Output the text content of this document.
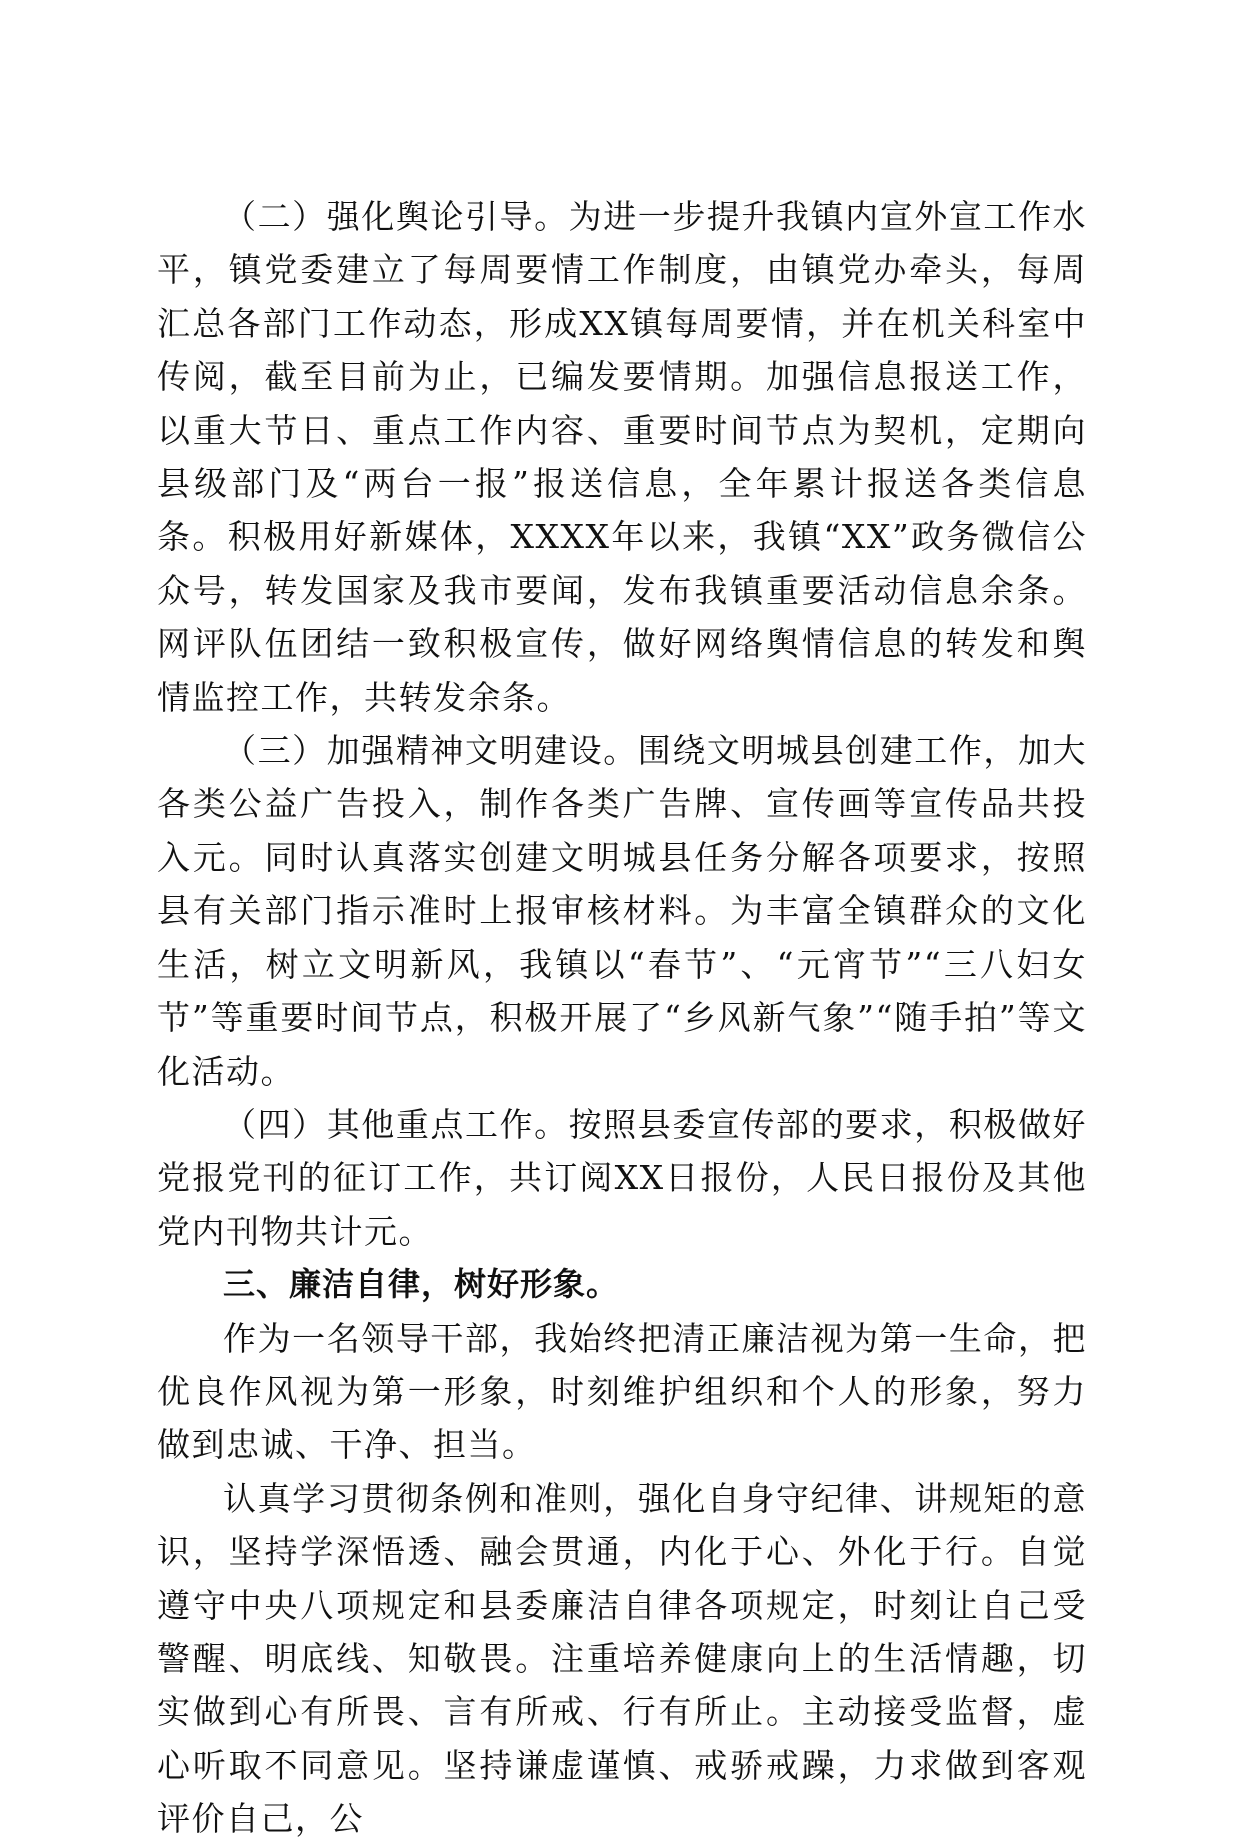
（二）强化舆论引导。为进一步提升我镇内宣外宣工作水平，镇党委建立了每周要情工作制度，由镇党办牵头，每周汇总各部门工作动态，形成XX镇每周要情，并在机关科室中传阅，截至目前为止，已编发要情期。加强信息报送工作，以重大节日、重点工作内容、重要时间节点为契机，定期向县级部门及“两台一报”报送信息，全年累计报送各类信息条。积极用好新媒体，XXXX年以来，我镇“XX”政务微信公众号，转发国家及我市要闻，发布我镇重要活动信息余条。网评队伍团结一致积极宣传，做好网络舆情信息的转发和舆情监控工作，共转发余条。

（三）加强精神文明建设。围绕文明城县创建工作，加大各类公益广告投入，制作各类广告牌、宣传画等宣传品共投入元。同时认真落实创建文明城县任务分解各项要求，按照县有关部门指示准时上报审核材料。为丰富全镇群众的文化生活，树立文明新风，我镇以“春节”、“元宵节”“三八妇女节”等重要时间节点，积极开展了“乡风新气象”“随手拍”等文化活动。

（四）其他重点工作。按照县委宣传部的要求，积极做好党报党刊的征订工作，共订阅XX日报份，人民日报份及其他党内刊物共计元。

三、廉洁自律，树好形象。

作为一名领导干部，我始终把清正廉洁视为第一生命，把优良作风视为第一形象，时刻维护组织和个人的形象，努力做到忠诚、干净、担当。

认真学习贯彻条例和准则，强化自身守纪律、讲规矩的意识，坚持学深悟透、融会贯通，内化于心、外化于行。自觉遵守中央八项规定和县委廉洁自律各项规定，时刻让自己受警醒、明底线、知敬畏。注重培养健康向上的生活情趣，切实做到心有所畏、言有所戒、行有所止。主动接受监督，虚心听取不同意见。坚持谦虚谨慎、戒骄戒躁，力求做到客观评价自己，公
